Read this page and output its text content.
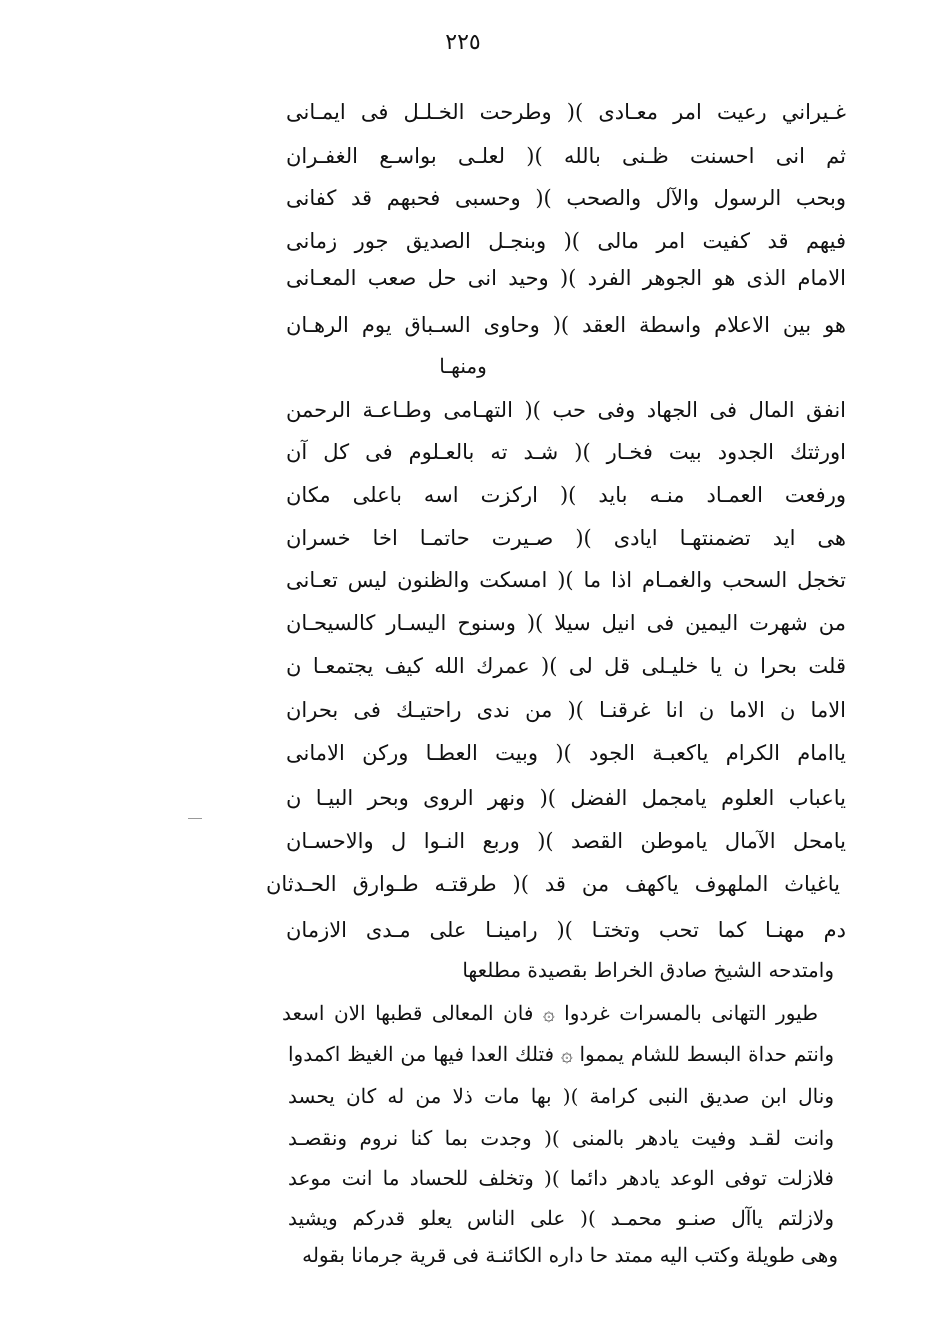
٢٢٥
غـيراني رعيت امر معـادى )( وطرحت الخـلـل فى ايمـانى
ثم انى احسنت ظـنى بالله )( لعلـى بواسـع الغفـران
وبحب الرسول والآل والصحب )( وحسبى فحبهم قد كفانى
فيهم قد كفيت امر مالى )( وبنجـل الصديق جور زمانى
الامام الذى هو الجوهر الفرد )( وحيد انى حل صعب المعـانى
هو بين الاعلام واسطة العقد )( وحاوى السـباق يوم الرهـان
ومنهـا
انفق المال فى الجهاد وفى حب )( التهـامى وطـاعـة الرحمن
اورثتك الجدود بيت فخـار )( شـد ته بالعـلوم فى كل آن
ورفعت العمـاد منـه بايد )( اركزت اسه باعلى مكان
هى ايد تضمنتهـا ايادى )( صـيرت حاتمـا اخا خسران
تخجل السحب والغمـام اذا ما )( امسكت والظنون ليس تعـانى
من شهرت اليمين فى انيل سيلا )( وسنوح اليسـار كالسيحـان
قلت بحرا ن يا خليـلى قل لى )( عمرك الله كيف يجتمعـا ن
الاما ن الاما ن انا غرقنـا )( من ندى راحتيـك فى بحران
ياامام الكرام ياكعبـة الجود )( وبيت العطـا وركن الامانى
ياعباب العلوم يامجمل الفضل )( ونهر الروى وبحر البيـا ن
يامحل الآمال ياموطن القصد )( وربع النـوا ل والاحسـان
ياغياث الملهوف ياكهف من قد )( طرقتـه طـوارق الحـدثان
دم مهنـا كما تحب وتختـا )( رامينـا على مـدى الازمان
وامتدحه الشيخ صادق الخراط بقصيدة مطلعها
طيور التهانى بالمسرات غردوا ۞ فان المعالى قطبها الان اسعد
وانتم حداة البسط للشام يمموا ۞ فتلك العدا فيها من الغيظ اكمدوا
ونال ابن صديق النبى كرامة )( بها مات ذلا من له كان يحسد
وانت لقـد وفيت يادهر بالمنى )( وجدت بما كنا نروم ونقصـد
فلازلت توفى الوعد يادهر دائما )( وتخلف للحساد ما انت موعد
ولازلتم ياآل صنـو محمـد )( على الناس يعلو قدركم ويشيد
وهى طويلة وكتب اليه ممتد حا داره الكائنـة فى قرية جرمانا بقوله
